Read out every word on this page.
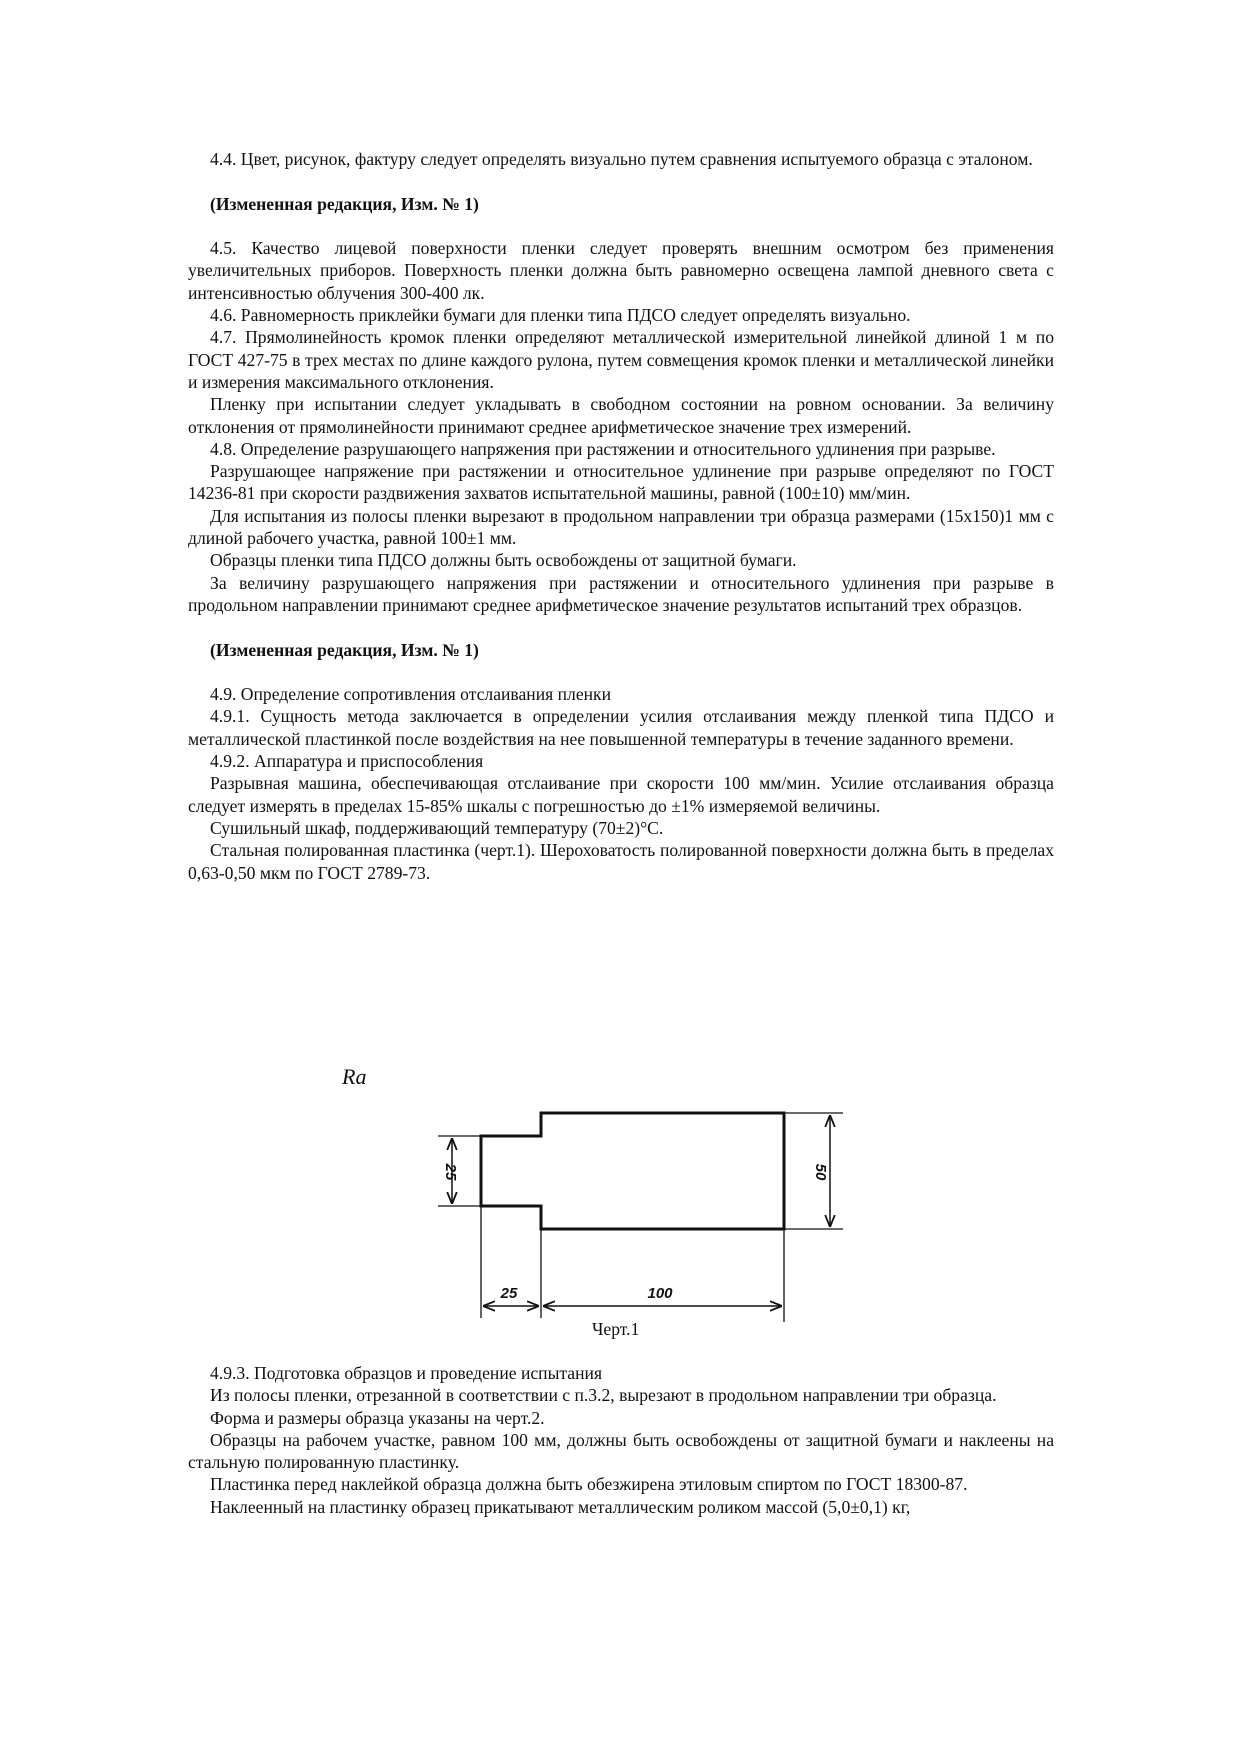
4.4. Цвет, рисунок, фактуру следует определять визуально путем сравнения испытуемого образца с эталоном.

(Измененная редакция, Изм. № 1)

4.5. Качество лицевой поверхности пленки следует проверять внешним осмотром без применения увеличительных приборов. Поверхность пленки должна быть равномерно освещена лампой дневного света с интенсивностью облучения 300-400 лк.

4.6. Равномерность приклейки бумаги для пленки типа ПДСО следует определять визуально.

4.7. Прямолинейность кромок пленки определяют металлической измерительной линейкой длиной 1 м по ГОСТ 427-75 в трех местах по длине каждого рулона, путем совмещения кромок пленки и металлической линейки и измерения максимального отклонения.

Пленку при испытании следует укладывать в свободном состоянии на ровном основании. За величину отклонения от прямолинейности принимают среднее арифметическое значение трех измерений.

4.8. Определение разрушающего напряжения при растяжении и относительного удлинения при разрыве.

Разрушающее напряжение при растяжении и относительное удлинение при разрыве определяют по ГОСТ 14236-81 при скорости раздвижения захватов испытательной машины, равной (100±10) мм/мин.

Для испытания из полосы пленки вырезают в продольном направлении три образца размерами (15x150)1 мм с длиной рабочего участка, равной 100±1 мм.

Образцы пленки типа ПДСО должны быть освобождены от защитной бумаги.

За величину разрушающего напряжения при растяжении и относительного удлинения при разрыве в продольном направлении принимают среднее арифметическое значение результатов испытаний трех образцов.

(Измененная редакция, Изм. № 1)

4.9. Определение сопротивления отслаивания пленки

4.9.1. Сущность метода заключается в определении усилия отслаивания между пленкой типа ПДСО и металлической пластинкой после воздействия на нее повышенной температуры в течение заданного времени.

4.9.2. Аппаратура и приспособления

Разрывная машина, обеспечивающая отслаивание при скорости 100 мм/мин. Усилие отслаивания образца следует измерять в пределах 15-85% шкалы с погрешностью до ±1% измеряемой величины.

Сушильный шкаф, поддерживающий температуру (70±2)°С.

Стальная полированная пластинка (черт.1). Шероховатость полированной поверхности должна быть в пределах 0,63-0,50 мкм по ГОСТ 2789-73.

Ra
25	50
25	100
Черт.1

4.9.3. Подготовка образцов и проведение испытания

Из полосы пленки, отрезанной в соответствии с п.3.2, вырезают в продольном направлении три образца.

Форма и размеры образца указаны на черт.2.

Образцы на рабочем участке, равном 100 мм, должны быть освобождены от защитной бумаги и наклеены на стальную полированную пластинку.

Пластинка перед наклейкой образца должна быть обезжирена этиловым спиртом по ГОСТ 18300-87.

Наклеенный на пластинку образец прикатывают металлическим роликом массой (5,0±0,1) кг,
